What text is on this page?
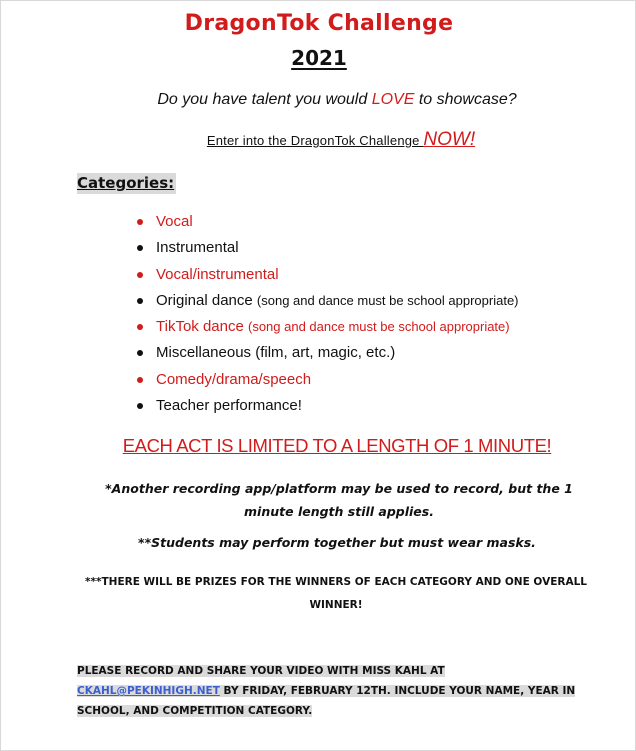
DragonTok Challenge
2021
Do you have talent you would LOVE to showcase?
Enter into the DragonTok Challenge NOW!
Categories:
Vocal
Instrumental
Vocal/instrumental
Original dance (song and dance must be school appropriate)
TikTok dance (song and dance must be school appropriate)
Miscellaneous (film, art, magic, etc.)
Comedy/drama/speech
Teacher performance!
EACH ACT IS LIMITED TO A LENGTH OF 1 MINUTE!
*Another recording app/platform may be used to record, but the 1 minute length still applies.
**Students may perform together but must wear masks.
***THERE WILL BE PRIZES FOR THE WINNERS OF EACH CATEGORY AND ONE OVERALL WINNER!
PLEASE RECORD AND SHARE YOUR VIDEO WITH MISS KAHL AT CKAHL@PEKINHIGH.NET BY FRIDAY, FEBRUARY 12TH. INCLUDE YOUR NAME, YEAR IN SCHOOL, AND COMPETITION CATEGORY.
